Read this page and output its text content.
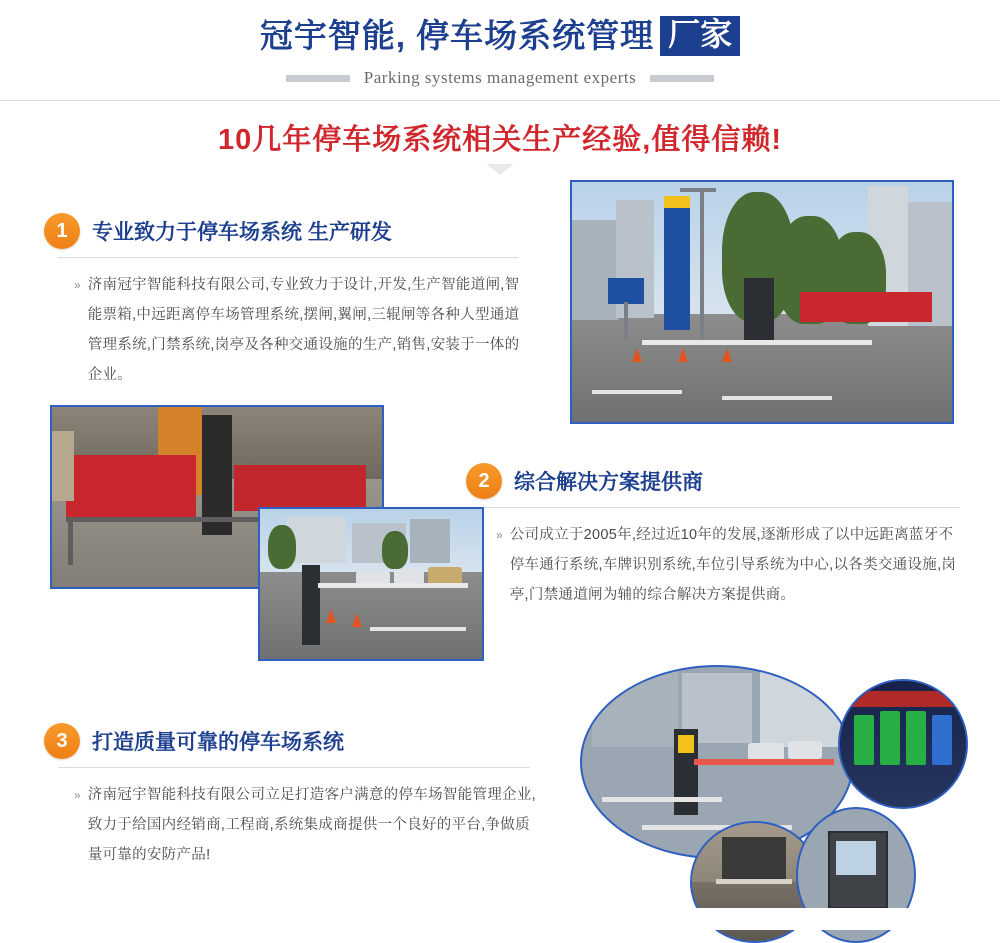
冠宇智能, 停车场系统管理 厂家
Parking systems management experts
10几年停车场系统相关生产经验,值得信赖!
1	专业致力于停车场系统 生产研发
» 济南冠宇智能科技有限公司,专业致力于设计,开发,生产智能道闸,智能票箱,中远距离停车场管理系统,摆闸,翼闸,三辊闸等各种人型通道管理系统,门禁系统,岗亭及各种交通设施的生产,销售,安装于一体的企业。
2	综合解决方案提供商
» 公司成立于2005年,经过近10年的发展,逐渐形成了以中远距离蓝牙不停车通行系统,车牌识别系统,车位引导系统为中心,以各类交通设施,岗亭,门禁通道闸为辅的综合解决方案提供商。
3	打造质量可靠的停车场系统
» 济南冠宇智能科技有限公司立足打造客户满意的停车场智能管理企业,致力于给国内经销商,工程商,系统集成商提供一个良好的平台,争做质量可靠的安防产品!
